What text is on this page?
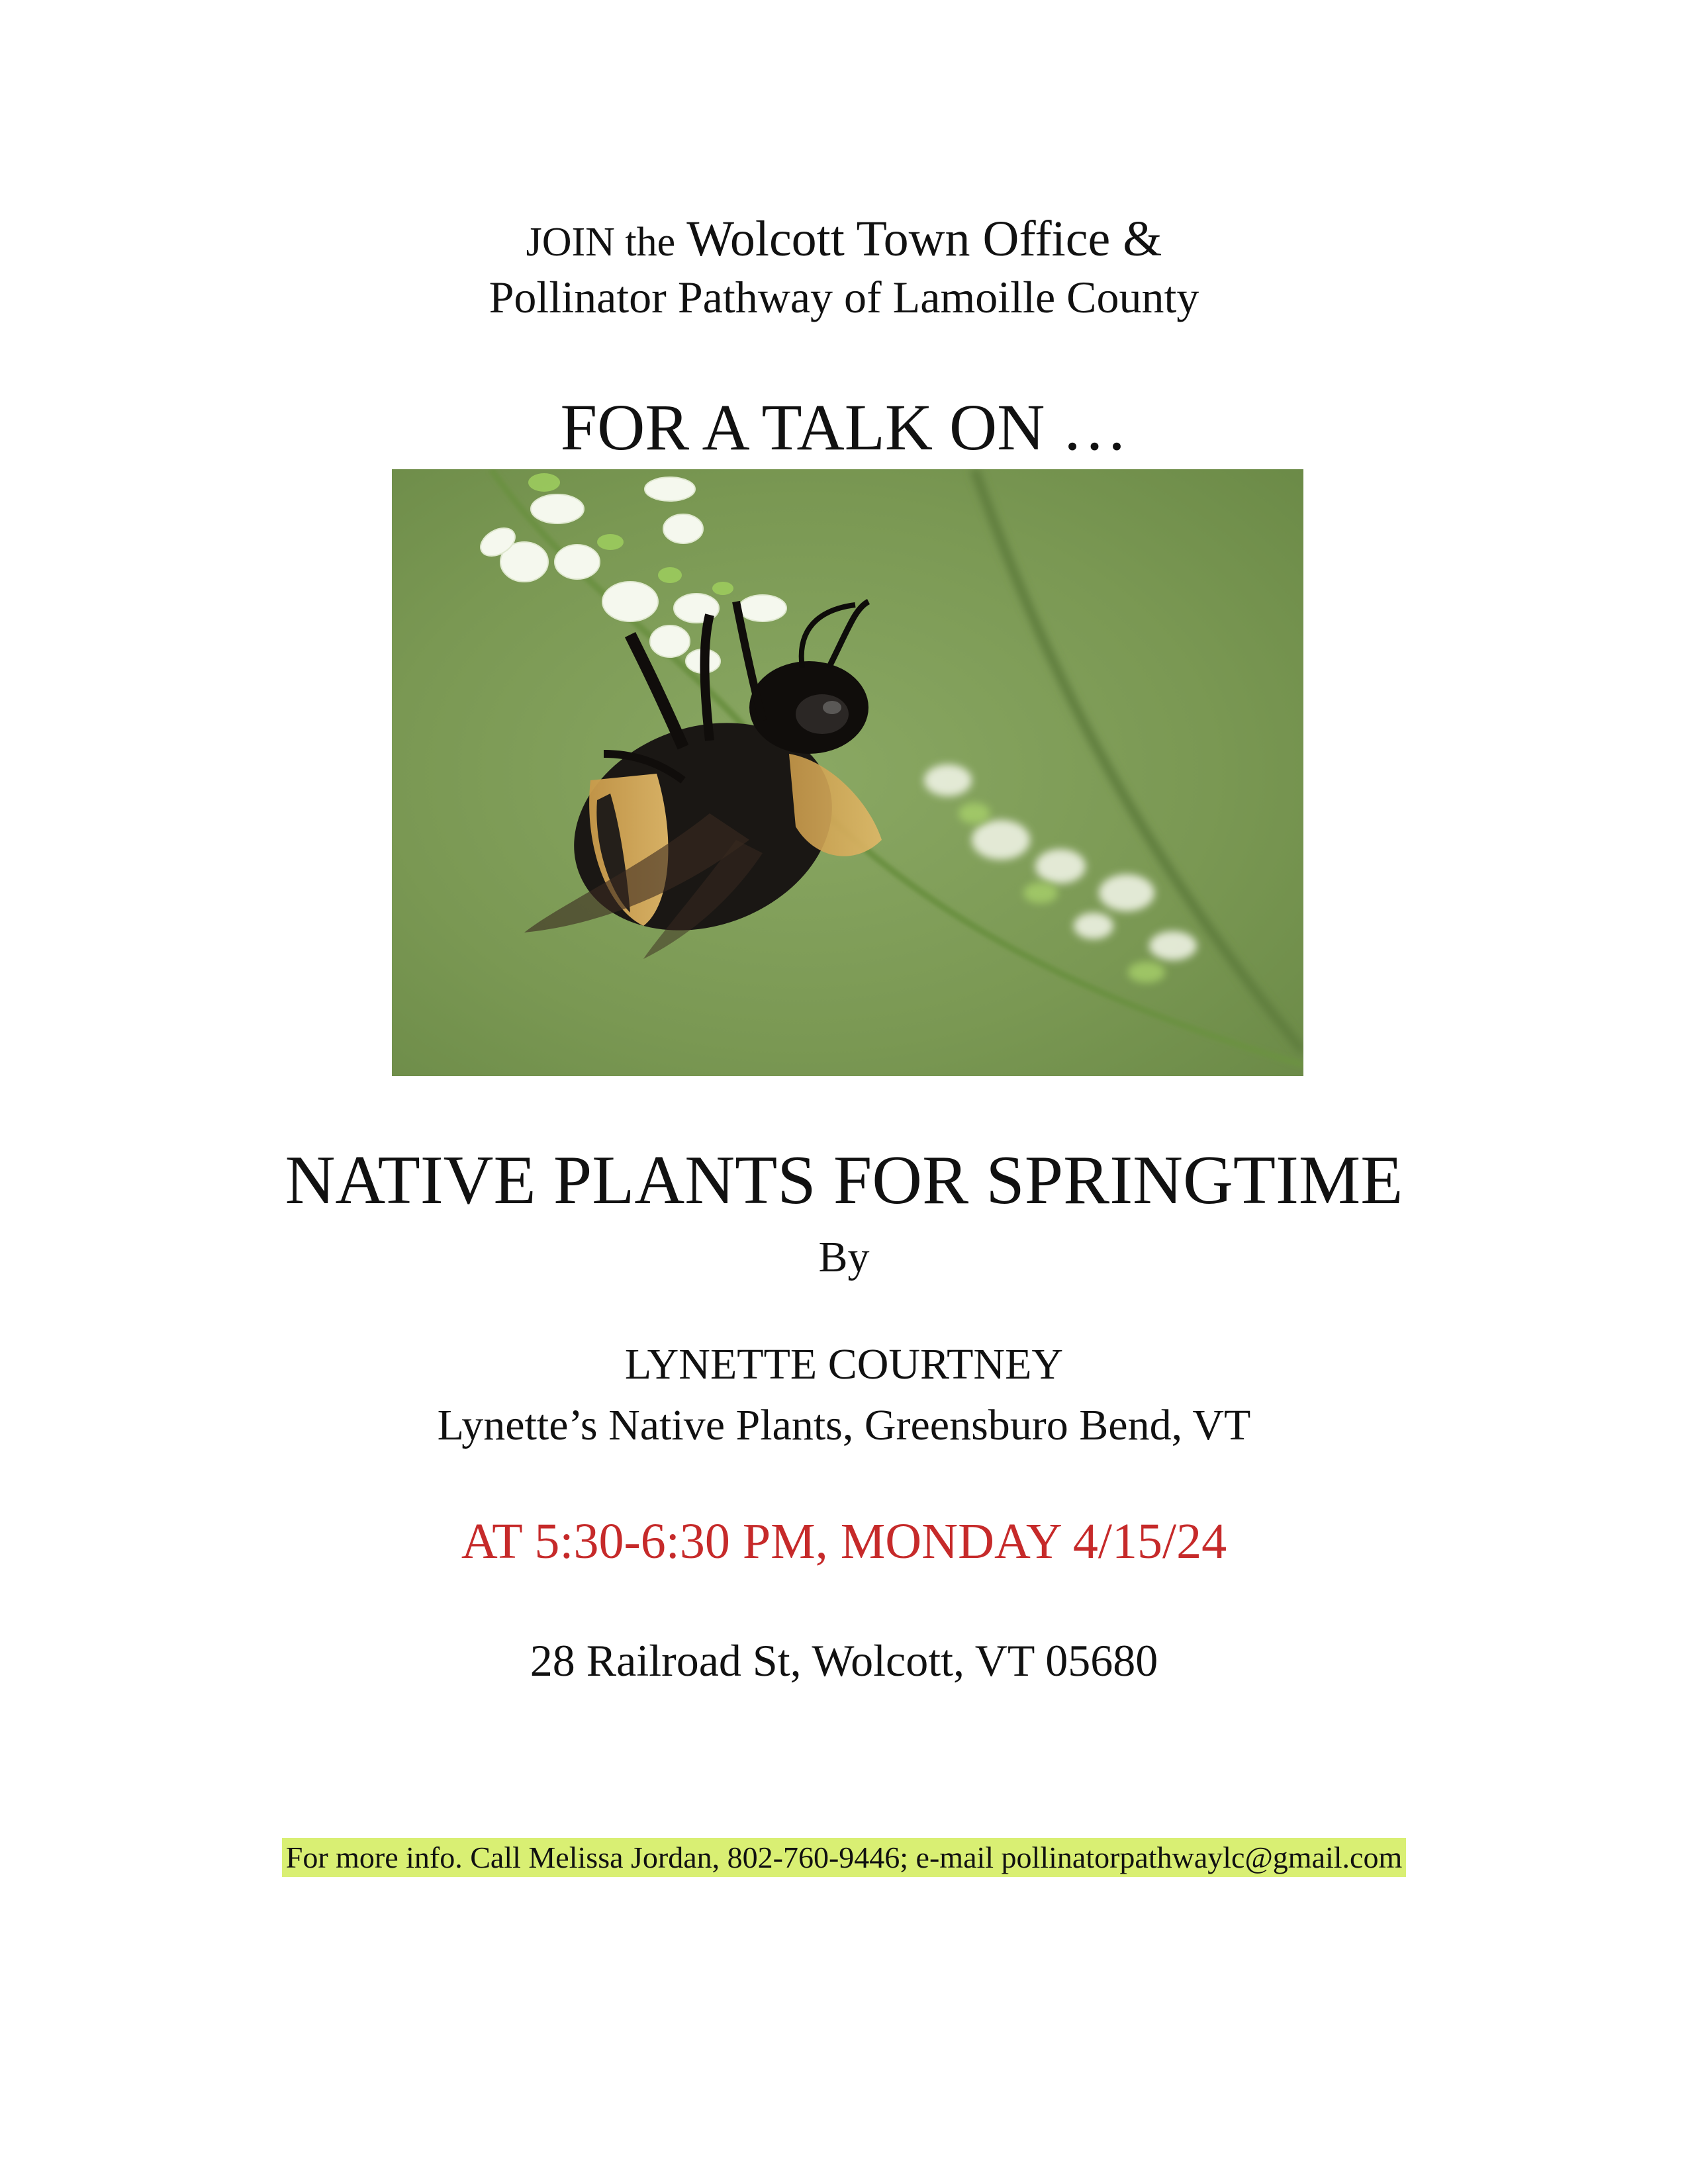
JOIN the Wolcott Town Office &
Pollinator Pathway of Lamoille County
FOR A TALK ON …
NATIVE PLANTS FOR SPRINGTIME
By
LYNETTE COURTNEY
Lynette’s Native Plants, Greensburo Bend, VT
AT 5:30-6:30 PM, MONDAY 4/15/24
28 Railroad St, Wolcott, VT 05680
For more info. Call Melissa Jordan, 802-760-9446; e-mail pollinatorpathwaylc@gmail.com
